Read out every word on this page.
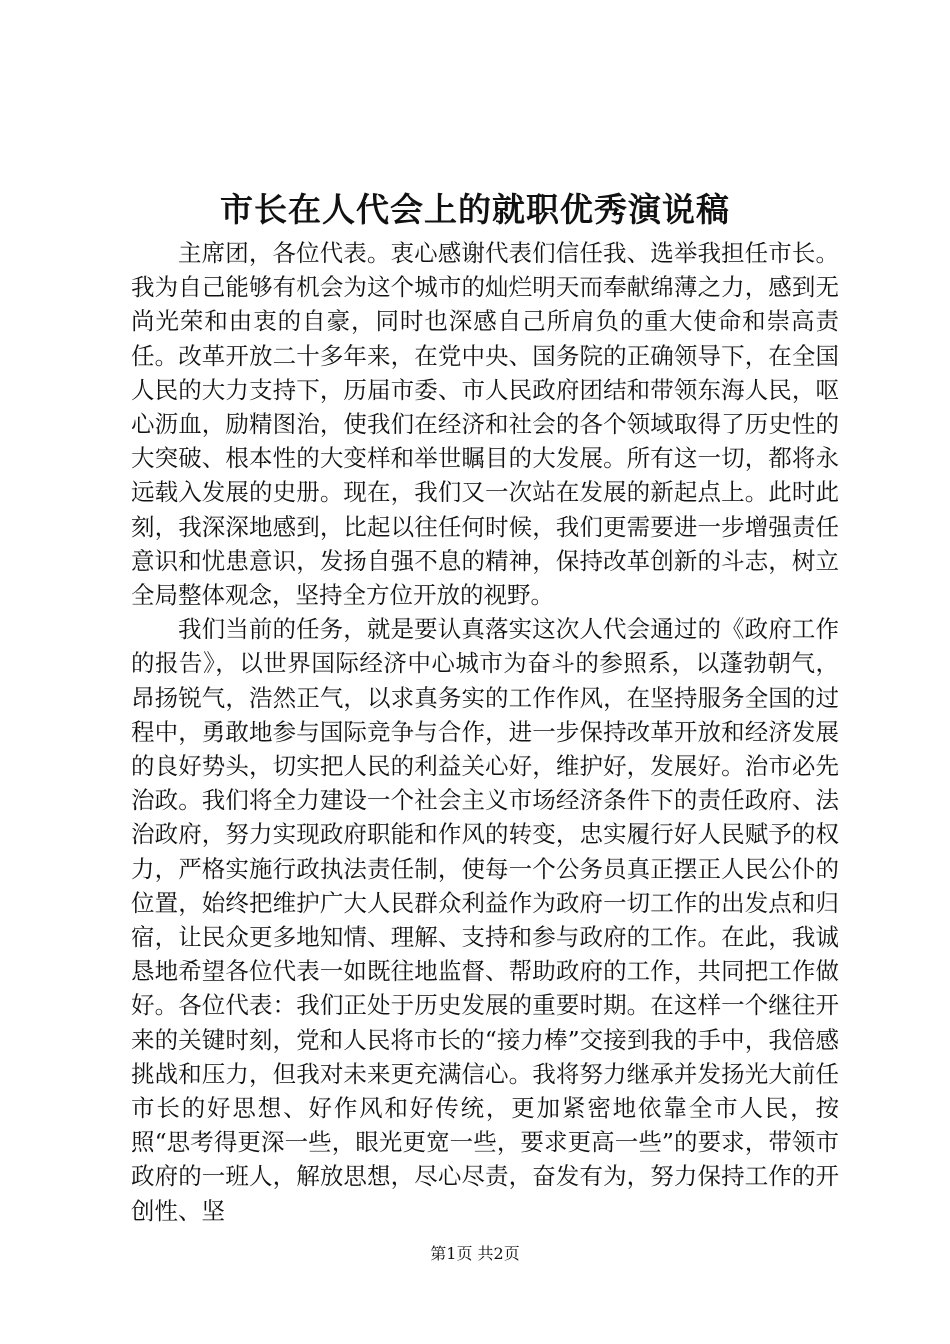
市长在人代会上的就职优秀演说稿

主席团，各位代表。衷心感谢代表们信任我、选举我担任市长。我为自己能够有机会为这个城市的灿烂明天而奉献绵薄之力，感到无尚光荣和由衷的自豪，同时也深感自己所肩负的重大使命和崇高责任。改革开放二十多年来，在党中央、国务院的正确领导下，在全国人民的大力支持下，历届市委、市人民政府团结和带领东海人民，呕心沥血，励精图治，使我们在经济和社会的各个领域取得了历史性的大突破、根本性的大变样和举世瞩目的大发展。所有这一切，都将永远载入发展的史册。现在，我们又一次站在发展的新起点上。此时此刻，我深深地感到，比起以往任何时候，我们更需要进一步增强责任意识和忧患意识，发扬自强不息的精神，保持改革创新的斗志，树立全局整体观念，坚持全方位开放的视野。

我们当前的任务，就是要认真落实这次人代会通过的《政府工作的报告》，以世界国际经济中心城市为奋斗的参照系，以蓬勃朝气，昂扬锐气，浩然正气，以求真务实的工作作风，在坚持服务全国的过程中，勇敢地参与国际竞争与合作，进一步保持改革开放和经济发展的良好势头，切实把人民的利益关心好，维护好，发展好。治市必先治政。我们将全力建设一个社会主义市场经济条件下的责任政府、法治政府，努力实现政府职能和作风的转变，忠实履行好人民赋予的权力，严格实施行政执法责任制，使每一个公务员真正摆正人民公仆的位置，始终把维护广大人民群众利益作为政府一切工作的出发点和归宿，让民众更多地知情、理解、支持和参与政府的工作。在此，我诚恳地希望各位代表一如既往地监督、帮助政府的工作，共同把工作做好。各位代表：我们正处于历史发展的重要时期。在这样一个继往开来的关键时刻，党和人民将市长的“接力棒”交接到我的手中，我倍感挑战和压力，但我对未来更充满信心。我将努力继承并发扬光大前任市长的好思想、好作风和好传统，更加紧密地依靠全市人民，按照“思考得更深一些，眼光更宽一些，要求更高一些”的要求，带领市政府的一班人，解放思想，尽心尽责，奋发有为，努力保持工作的开创性、坚

第1页 共2页
